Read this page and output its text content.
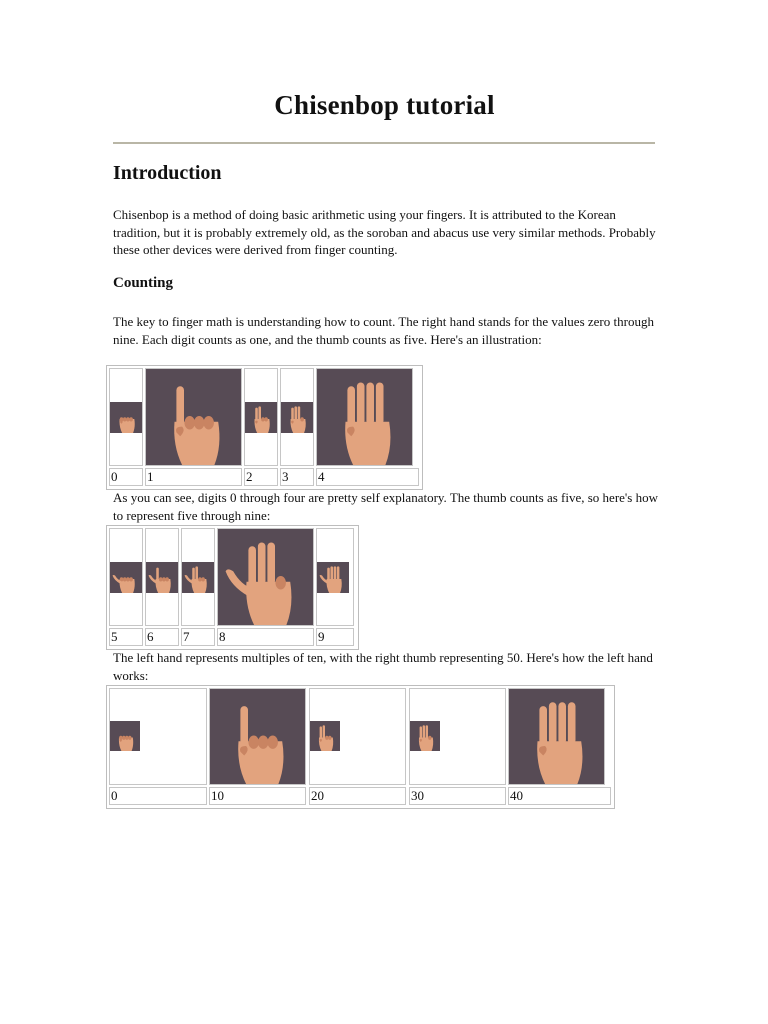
Chisenbop tutorial
Introduction

Chisenbop is a method of doing basic arithmetic using your fingers. It is attributed to the Korean tradition, but it is probably extremely old, as the soroban and abacus use very similar methods. Probably these other devices were derived from finger counting.

Counting

The key to finger math is understanding how to count. The right hand stands for the values zero through nine. Each digit counts as one, and the thumb counts as five. Here's an illustration:

As you can see, digits 0 through four are pretty self explanatory. The thumb counts as five, so here's how to represent five through nine:

The left hand represents multiples of ten, with the right thumb representing 50. Here's how the left hand works:

0	1	2	3	4
5	6	7	8	9
0	10	20	30	40
